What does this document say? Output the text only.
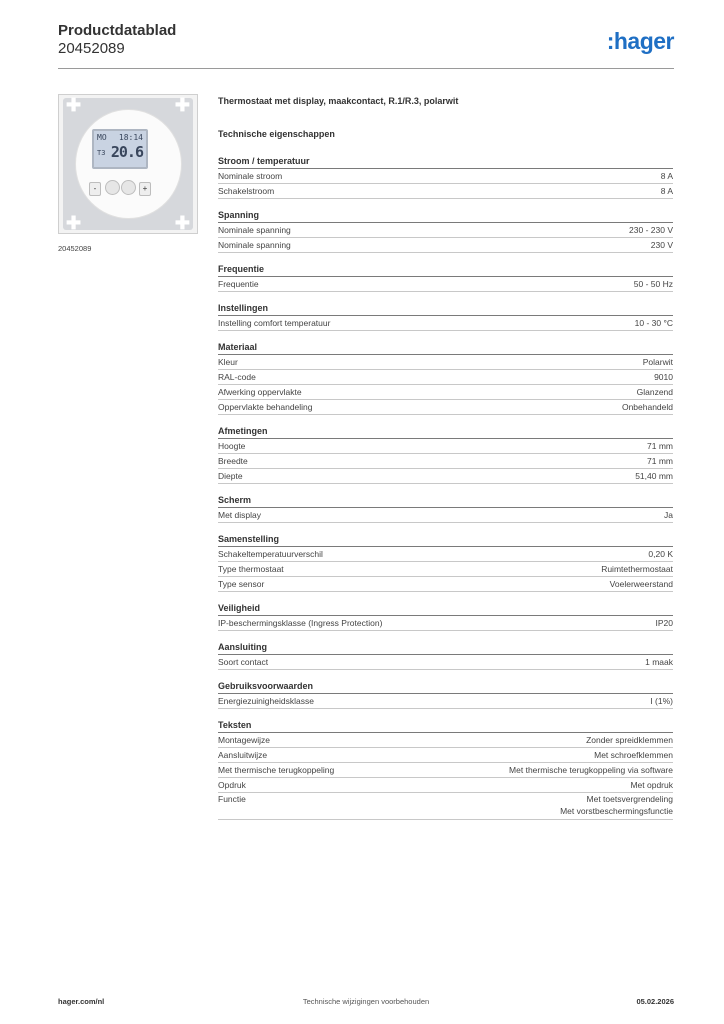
Productdatablad
20452089	:hager
✚	✚
✚	✚
MO 18:14
T3 20.6
-	+
20452089
Thermostaat met display, maakcontact, R.1/R.3, polarwit
Technische eigenschappen
Stroom / temperatuur
Nominale stroom	8 A
Schakelstroom	8 A
Spanning
Nominale spanning	230 - 230 V
Nominale spanning	230 V
Frequentie
Frequentie	50 - 50 Hz
Instellingen
Instelling comfort temperatuur	10 - 30 °C
Materiaal
Kleur	Polarwit
RAL-code	9010
Afwerking oppervlakte	Glanzend
Oppervlakte behandeling	Onbehandeld
Afmetingen
Hoogte	71 mm
Breedte	71 mm
Diepte	51,40 mm
Scherm
Met display	Ja
Samenstelling
Schakeltemperatuurverschil	0,20 K
Type thermostaat	Ruimtethermostaat
Type sensor	Voelerweerstand
Veiligheid
IP-beschermingsklasse (Ingress Protection)	IP20
Aansluiting
Soort contact	1 maak
Gebruiksvoorwaarden
Energiezuinigheidsklasse	I (1%)
Teksten
Montagewijze	Zonder spreidklemmen
Aansluitwijze	Met schroefklemmen
Met thermische terugkoppeling	Met thermische terugkoppeling via software
Opdruk	Met opdruk
Functie	Met toetsvergrendeling
Met vorstbeschermingsfunctie
hager.com/nl	Technische wijzigingen voorbehouden	05.02.2026
